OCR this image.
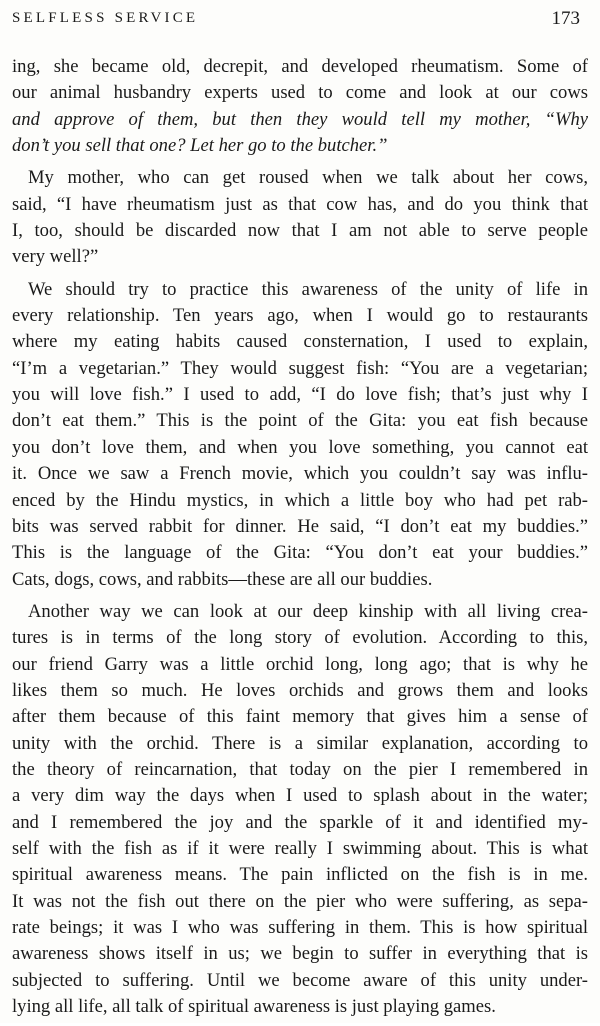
SELFLESS SERVICE	173

ing, she became old, decrepit, and developed rheumatism. Some of
our animal husbandry experts used to come and look at our cows
and approve of them, but then they would tell my mother, “Why
don’t you sell that one? Let her go to the butcher.”

My mother, who can get roused when we talk about her cows,
said, “I have rheumatism just as that cow has, and do you think that
I, too, should be discarded now that I am not able to serve people
very well?”

We should try to practice this awareness of the unity of life in
every relationship. Ten years ago, when I would go to restaurants
where my eating habits caused consternation, I used to explain,
“I’m a vegetarian.” They would suggest fish: “You are a vegetarian;
you will love fish.” I used to add, “I do love fish; that’s just why I
don’t eat them.” This is the point of the Gita: you eat fish because
you don’t love them, and when you love something, you cannot eat
it. Once we saw a French movie, which you couldn’t say was influ-
enced by the Hindu mystics, in which a little boy who had pet rab-
bits was served rabbit for dinner. He said, “I don’t eat my buddies.”
This is the language of the Gita: “You don’t eat your buddies.”
Cats, dogs, cows, and rabbits—these are all our buddies.

Another way we can look at our deep kinship with all living crea-
tures is in terms of the long story of evolution. According to this,
our friend Garry was a little orchid long, long ago; that is why he
likes them so much. He loves orchids and grows them and looks
after them because of this faint memory that gives him a sense of
unity with the orchid. There is a similar explanation, according to
the theory of reincarnation, that today on the pier I remembered in
a very dim way the days when I used to splash about in the water;
and I remembered the joy and the sparkle of it and identified my-
self with the fish as if it were really I swimming about. This is what
spiritual awareness means. The pain inflicted on the fish is in me.
It was not the fish out there on the pier who were suffering, as sepa-
rate beings; it was I who was suffering in them. This is how spiritual
awareness shows itself in us; we begin to suffer in everything that is
subjected to suffering. Until we become aware of this unity under-
lying all life, all talk of spiritual awareness is just playing games.
